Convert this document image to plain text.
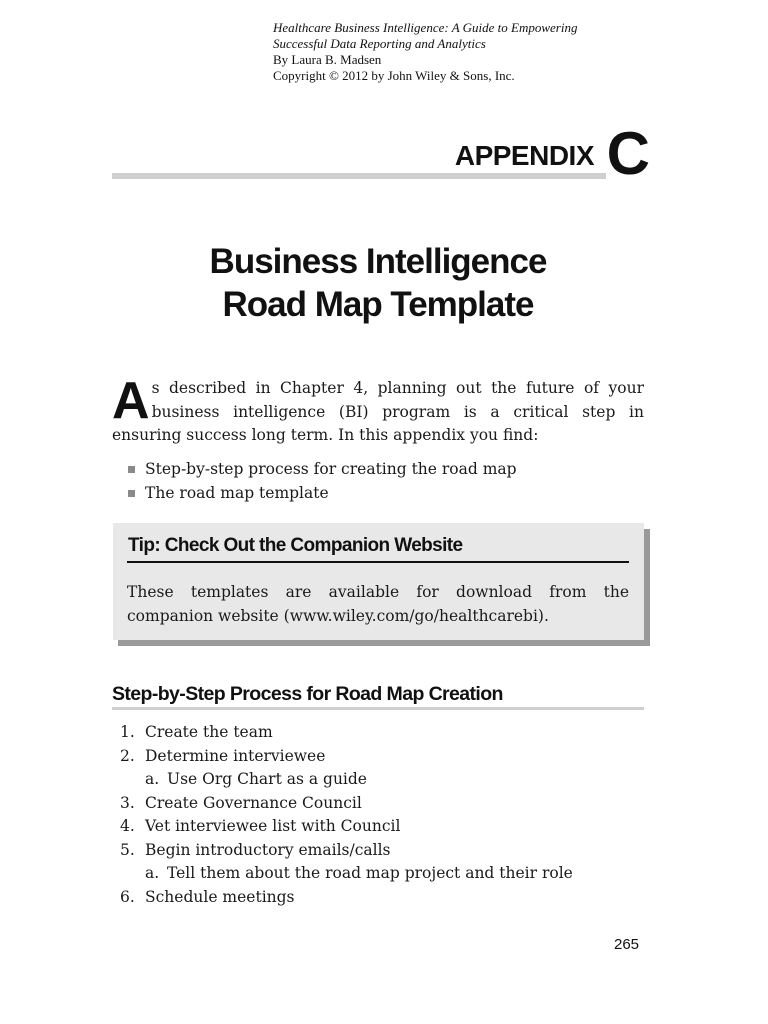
Healthcare Business Intelligence: A Guide to Empowering
Successful Data Reporting and Analytics
By Laura B. Madsen
Copyright © 2012 by John Wiley & Sons, Inc.
APPENDIX C
Business Intelligence
Road Map Template
As described in Chapter 4, planning out the future of your business intelligence (BI) program is a critical step in ensuring success long term. In this appendix you find:
Step-by-step process for creating the road map
The road map template
Tip: Check Out the Companion Website
These templates are available for download from the companion website (www.wiley.com/go/healthcarebi).
Step-by-Step Process for Road Map Creation
1. Create the team
2. Determine interviewee
a. Use Org Chart as a guide
3. Create Governance Council
4. Vet interviewee list with Council
5. Begin introductory emails/calls
a. Tell them about the road map project and their role
6. Schedule meetings
265
